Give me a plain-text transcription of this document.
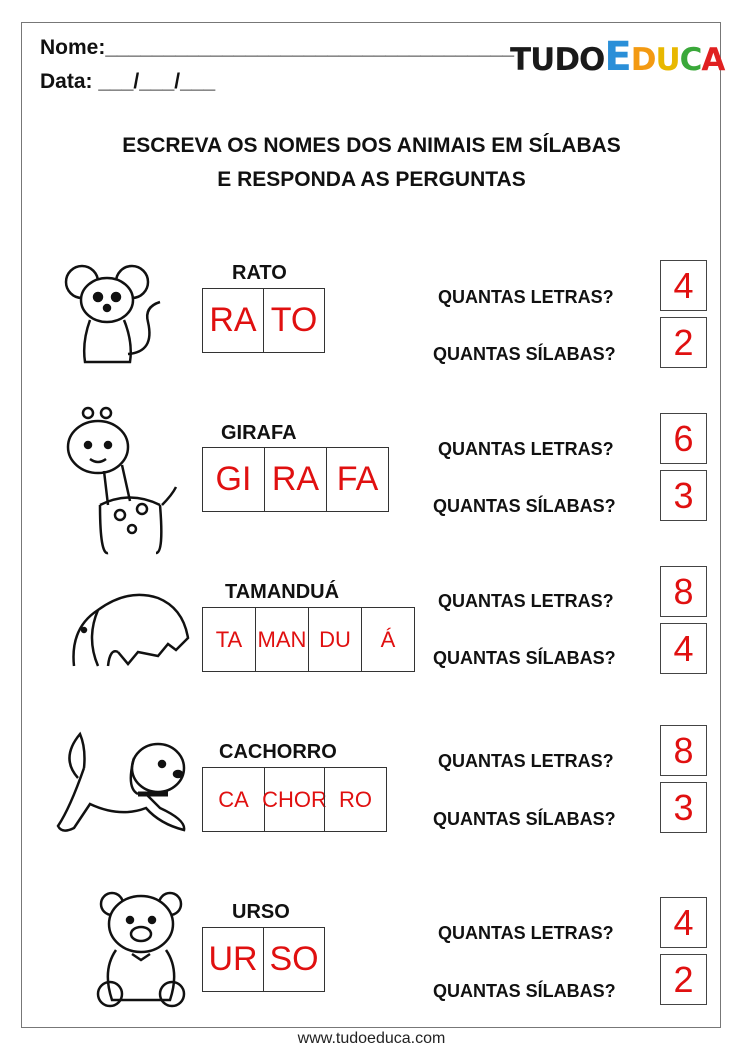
Nome:___________________________________
Data: ___/___/___
TUDOEDUCA
ESCREVA OS NOMES DOS ANIMAIS EM SÍLABAS
E RESPONDA AS PERGUNTAS
RATO
RA TO
QUANTAS LETRAS?
QUANTAS SÍLABAS?
4
2
GIRAFA
GI RA FA
QUANTAS LETRAS?
QUANTAS SÍLABAS?
6
3
TAMANDUÁ
TA MAN DU	Á
QUANTAS LETRAS?
QUANTAS SÍLABAS?
8
4
CACHORRO
CA CHOR RO
QUANTAS LETRAS?
QUANTAS SÍLABAS?
8
3
URSO
UR SO
QUANTAS LETRAS?
QUANTAS SÍLABAS?
4
2
www.tudoeduca.com
